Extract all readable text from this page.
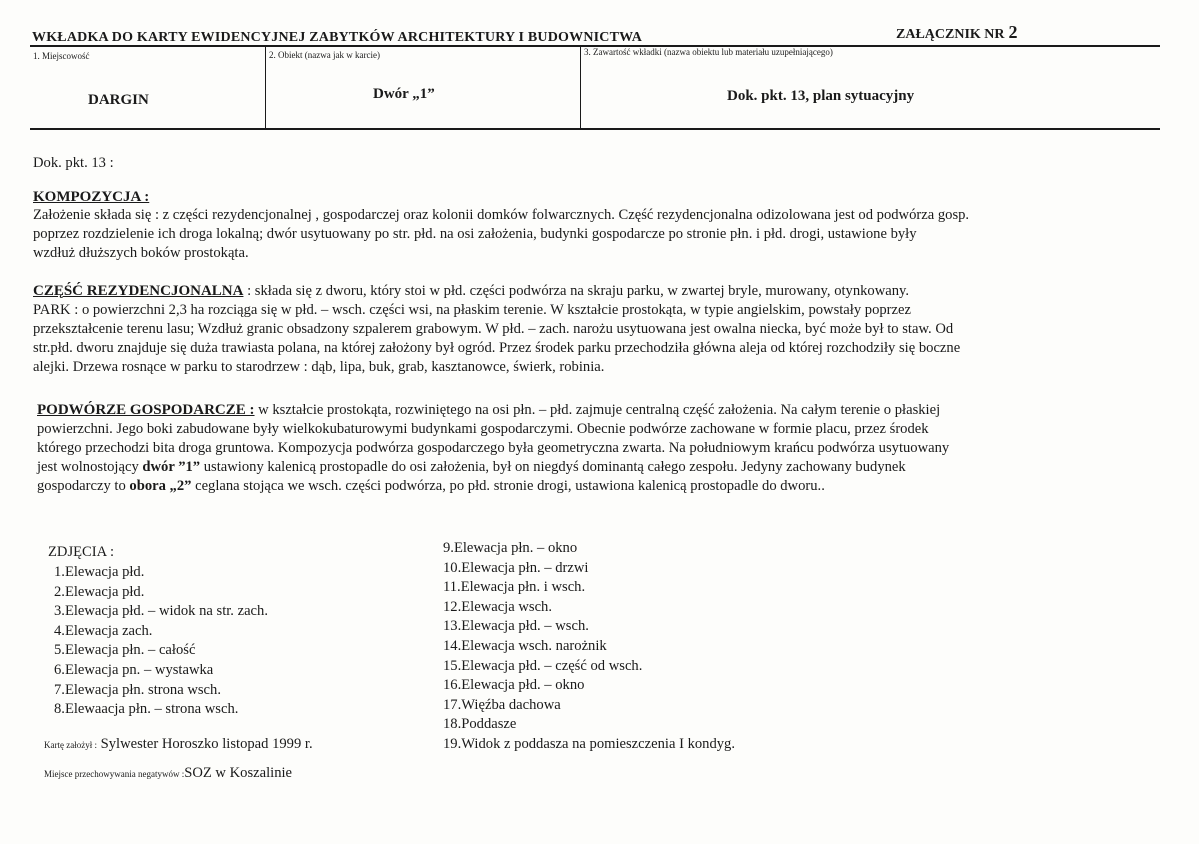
WKŁADKA DO KARTY EWIDENCYJNEJ ZABYTKÓW ARCHITEKTURY I BUDOWNICTWA	ZAŁĄCZNIK NR 2
1. Miejscowość
DARGIN
2. Obiekt (nazwa jak w karcie)
Dwór „1”
3. Zawartość wkładki (nazwa obiektu lub materiału uzupełniającego)
Dok. pkt. 13, plan sytuacyjny
Dok. pkt. 13 :
KOMPOZYCJA :
Założenie składa się : z części rezydencjonalnej , gospodarczej oraz kolonii domków folwarcznych. Część rezydencjonalna odizolowana jest od podwórza gosp.
poprzez rozdzielenie ich droga lokalną; dwór usytuowany po str. płd. na osi założenia, budynki gospodarcze po stronie płn. i płd. drogi, ustawione były
wzdłuż dłuższych boków prostokąta.
CZĘŚĆ REZYDENCJONALNA : składa się z dworu, który stoi w płd. części podwórza na skraju parku, w zwartej bryle, murowany, otynkowany.
PARK : o powierzchni 2,3 ha rozciąga się w płd. – wsch. części wsi, na płaskim terenie. W kształcie prostokąta, w typie angielskim, powstały poprzez
przekształcenie terenu lasu; Wzdłuż granic obsadzony szpalerem grabowym. W płd. – zach. narożu usytuowana jest owalna niecka, być może był to staw. Od
str.płd. dworu znajduje się duża trawiasta polana, na której założony był ogród. Przez środek parku przechodziła główna aleja od której rozchodziły się boczne
alejki. Drzewa rosnące w parku to starodrzew : dąb, lipa, buk, grab, kasztanowce, świerk, robinia.
PODWÓRZE GOSPODARCZE : w kształcie prostokąta, rozwiniętego na osi płn. – płd. zajmuje centralną część założenia. Na całym terenie o płaskiej
powierzchni. Jego boki zabudowane były wielkokubaturowymi budynkami gospodarczymi. Obecnie podwórze zachowane w formie placu, przez środek
którego przechodzi bita droga gruntowa. Kompozycja podwórza gospodarczego była geometryczna zwarta. Na południowym krańcu podwórza usytuowany
jest wolnostojący dwór ”1” ustawiony kalenicą prostopadle do osi założenia, był on niegdyś dominantą całego zespołu. Jedyny zachowany budynek
gospodarczy to obora „2” ceglana stojąca we wsch. części podwórza, po płd. stronie drogi, ustawiona kalenicą prostopadle do dworu..
ZDJĘCIA :
1.Elewacja płd.
2.Elewacja płd.
3.Elewacja płd. – widok na str. zach.
4.Elewacja zach.
5.Elewacja płn. – całość
6.Elewacja pn. – wystawka
7.Elewacja płn. strona wsch.
8.Elewaacja płn. – strona wsch.
9.Elewacja płn. – okno
10.Elewacja płn. – drzwi
11.Elewacja płn. i wsch.
12.Elewacja wsch.
13.Elewacja płd. – wsch.
14.Elewacja wsch. narożnik
15.Elewacja płd. – część od wsch.
16.Elewacja płd. – okno
17.Więźba dachowa
18.Poddasze
19.Widok z poddasza na pomieszczenia I kondyg.
Kartę założył : Sylwester Horoszko listopad 1999 r.
Miejsce przechowywania negatywów :SOZ w Koszalinie
